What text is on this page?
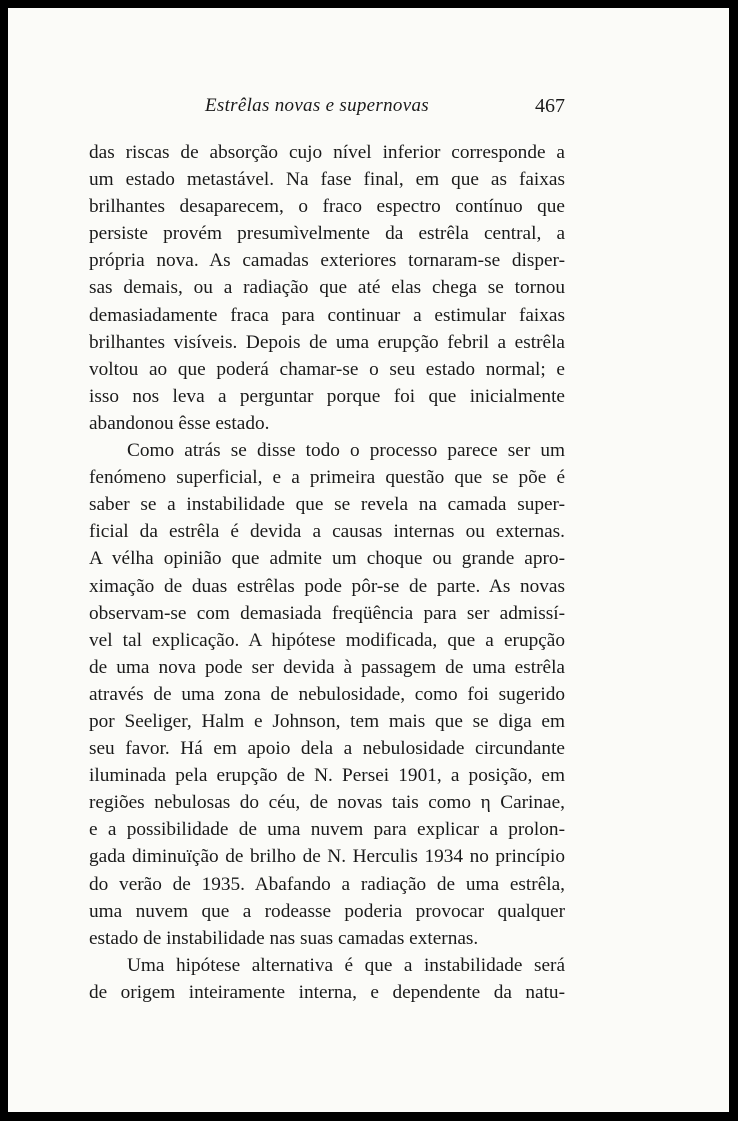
Estrêlas novas e supernovas	467
das riscas de absorção cujo nível inferior corresponde a
um estado metastável. Na fase final, em que as faixas
brilhantes desaparecem, o fraco espectro contínuo que
persiste provém presumìvelmente da estrêla central, a
própria nova. As camadas exteriores tornaram-se disper-
sas demais, ou a radiação que até elas chega se tornou
demasiadamente fraca para continuar a estimular faixas
brilhantes visíveis. Depois de uma erupção febril a estrêla
voltou ao que poderá chamar-se o seu estado normal; e
isso nos leva a perguntar porque foi que inicialmente
abandonou êsse estado.
Como atrás se disse todo o processo parece ser um
fenómeno superficial, e a primeira questão que se põe é
saber se a instabilidade que se revela na camada super-
ficial da estrêla é devida a causas internas ou externas.
A vélha opinião que admite um choque ou grande apro-
ximação de duas estrêlas pode pôr-se de parte. As novas
observam-se com demasiada freqüência para ser admissí-
vel tal explicação. A hipótese modificada, que a erupção
de uma nova pode ser devida à passagem de uma estrêla
através de uma zona de nebulosidade, como foi sugerido
por Seeliger, Halm e Johnson, tem mais que se diga em
seu favor. Há em apoio dela a nebulosidade circundante
iluminada pela erupção de N. Persei 1901, a posição, em
regiões nebulosas do céu, de novas tais como η Carinae,
e a possibilidade de uma nuvem para explicar a prolon-
gada diminuïção de brilho de N. Herculis 1934 no princípio
do verão de 1935. Abafando a radiação de uma estrêla,
uma nuvem que a rodeasse poderia provocar qualquer
estado de instabilidade nas suas camadas externas.
Uma hipótese alternativa é que a instabilidade será
de origem inteiramente interna, e dependente da natu-
